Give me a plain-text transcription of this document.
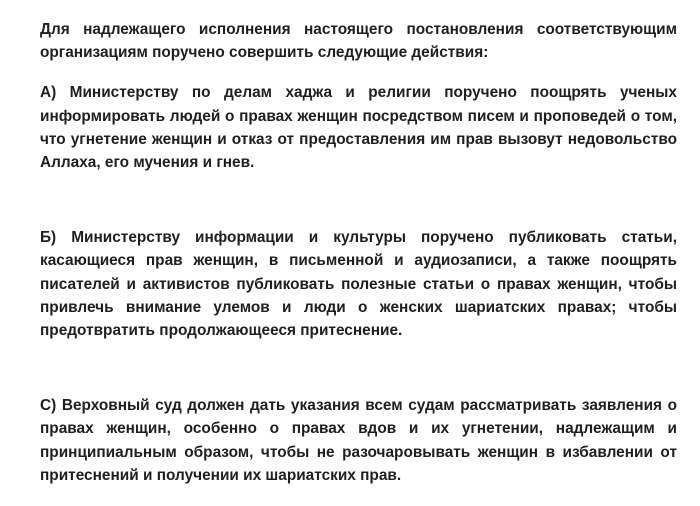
Для надлежащего исполнения настоящего постановления соответствующим организациям поручено совершить следующие действия:

А) Министерству по делам хаджа и религии поручено поощрять ученых информировать людей о правах женщин посредством писем и проповедей о том, что угнетение женщин и отказ от предоставления им прав вызовут недовольство Аллаха, его мучения и гнев.

Б) Министерству информации и культуры поручено публиковать статьи, касающиеся прав женщин, в письменной и аудиозаписи, а также поощрять писателей и активистов публиковать полезные статьи о правах женщин, чтобы привлечь внимание улемов и люди о женских шариатских правах; чтобы предотвратить продолжающееся притеснение.

С) Верховный суд должен дать указания всем судам рассматривать заявления о правах женщин, особенно о правах вдов и их угнетении, надлежащим и принципиальным образом, чтобы не разочаровывать женщин в избавлении от притеснений и получении их шариатских прав.
